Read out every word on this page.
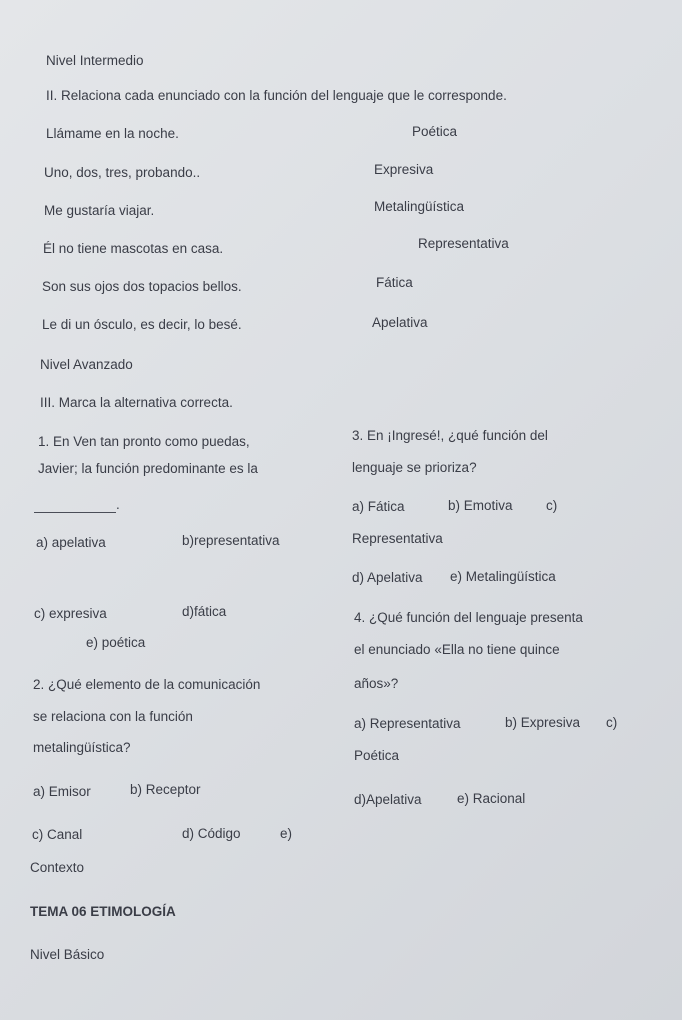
Nivel Intermedio
II. Relaciona cada enunciado con la función del lenguaje que le corresponde.
Llámame en la noche.	Poética
Uno, dos, tres, probando..	Expresiva
Me gustaría viajar.	Metalingüística
Él no tiene mascotas en casa.	Representativa
Son sus ojos dos topacios bellos.	Fática
Le di un ósculo, es decir, lo besé.	Apelativa
Nivel Avanzado
III. Marca la alternativa correcta.
1. En Ven tan pronto como puedas,
Javier; la función predominante es la
.
a) apelativa	b)representativa
c) expresiva	d)fática
e) poética
2. ¿Qué elemento de la comunicación
se relaciona con la función
metalingüística?
a) Emisor	b) Receptor
c) Canal	d) Código	e)
3. En ¡Ingresé!, ¿qué función del
lenguaje se prioriza?
a) Fática	b) Emotiva c)
Representativa
d) Apelativa e) Metalingüística
4. ¿Qué función del lenguaje presenta
el enunciado «Ella no tiene quince
años»?
a) Representativa	b) Expresiva c)
Poética
d)Apelativa	e) Racional
Contexto
TEMA 06 ETIMOLOGÍA
Nivel Básico
